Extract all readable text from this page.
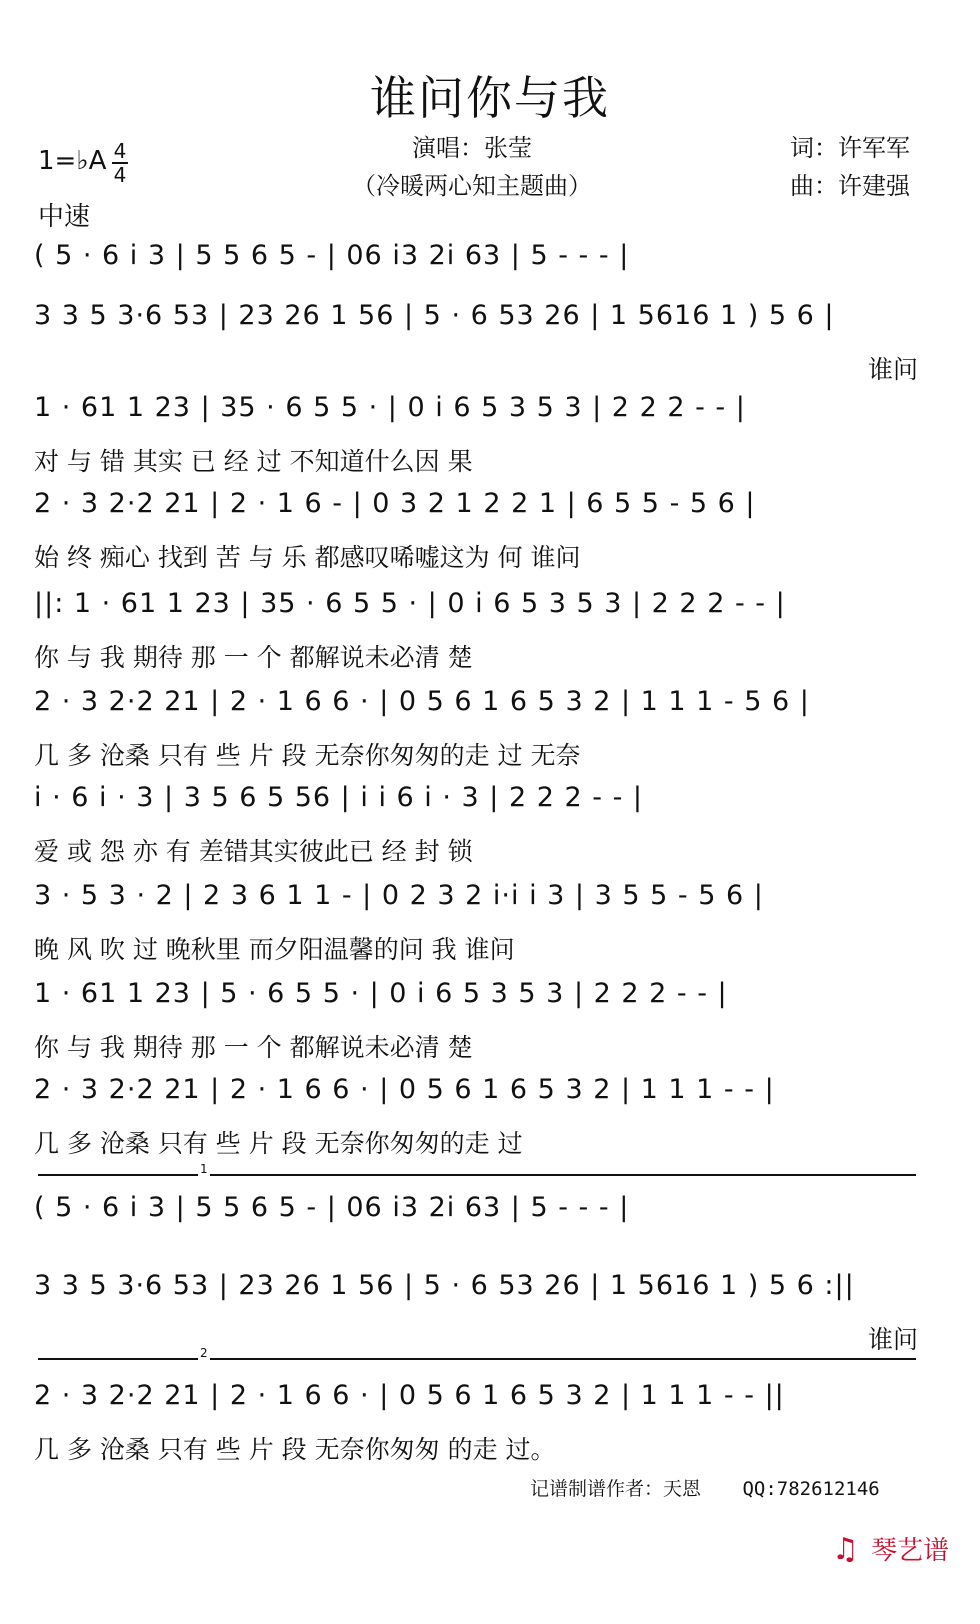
谁问你与我
演唱：张莹
（冷暖两心知主题曲）
词：许军军
曲：许建强
1=♭A 4
4
中速
( 5 · 6 i 3 | 5 5 6 5 - | 06 i3 2i 63 | 5 - - - |
3 3 5 3·6 53 | 23 26 1 56 | 5 · 6 53 26 | 1 5616 1 ) 5 6 |
谁问
1 · 61 1 23 | 35 · 6 5 5 · | 0 i 6 5 3 5 3 | 2 2 2 - - |
对 与 错 其实 已 经 过 不知道什么因 果
2 · 3 2·2 21 | 2 · 1 6 - | 0 3 2 1 2 2 1 | 6 5 5 - 5 6 |
始 终 痴心 找到 苦 与 乐 都感叹唏嘘这为 何 谁问
||: 1 · 61 1 23 | 35 · 6 5 5 · | 0 i 6 5 3 5 3 | 2 2 2 - - |
你 与 我 期待 那 一 个 都解说未必清 楚
2 · 3 2·2 21 | 2 · 1 6 6 · | 0 5 6 1 6 5 3 2 | 1 1 1 - 5 6 |
几 多 沧桑 只有 些 片 段 无奈你匆匆的走 过 无奈
i · 6 i · 3 | 3 5 6 5 56 | i i 6 i · 3 | 2 2 2 - - |
爱 或 怨 亦 有 差错其实彼此已 经 封 锁
3 · 5 3 · 2 | 2 3 6 1 1 - | 0 2 3 2 i·i i 3 | 3 5 5 - 5 6 |
晚 风 吹 过 晚秋里 而夕阳温馨的问 我 谁问
1 · 61 1 23 | 5 · 6 5 5 · | 0 i 6 5 3 5 3 | 2 2 2 - - |
你 与 我 期待 那 一 个 都解说未必清 楚
2 · 3 2·2 21 | 2 · 1 6 6 · | 0 5 6 1 6 5 3 2 | 1 1 1 - - |
几 多 沧桑 只有 些 片 段 无奈你匆匆的走 过
( 5 · 6 i 3 | 5 5 6 5 - | 06 i3 2i 63 | 5 - - - |
3 3 5 3·6 53 | 23 26 1 56 | 5 · 6 53 26 | 1 5616 1 ) 5 6 :||
谁问
2 · 3 2·2 21 | 2 · 1 6 6 · | 0 5 6 1 6 5 3 2 | 1 1 1 - - ||
几 多 沧桑 只有 些 片 段 无奈你匆匆 的走 过。
1
2
记谱制谱作者：天恩 QQ:782612146
♫ 琴艺谱
